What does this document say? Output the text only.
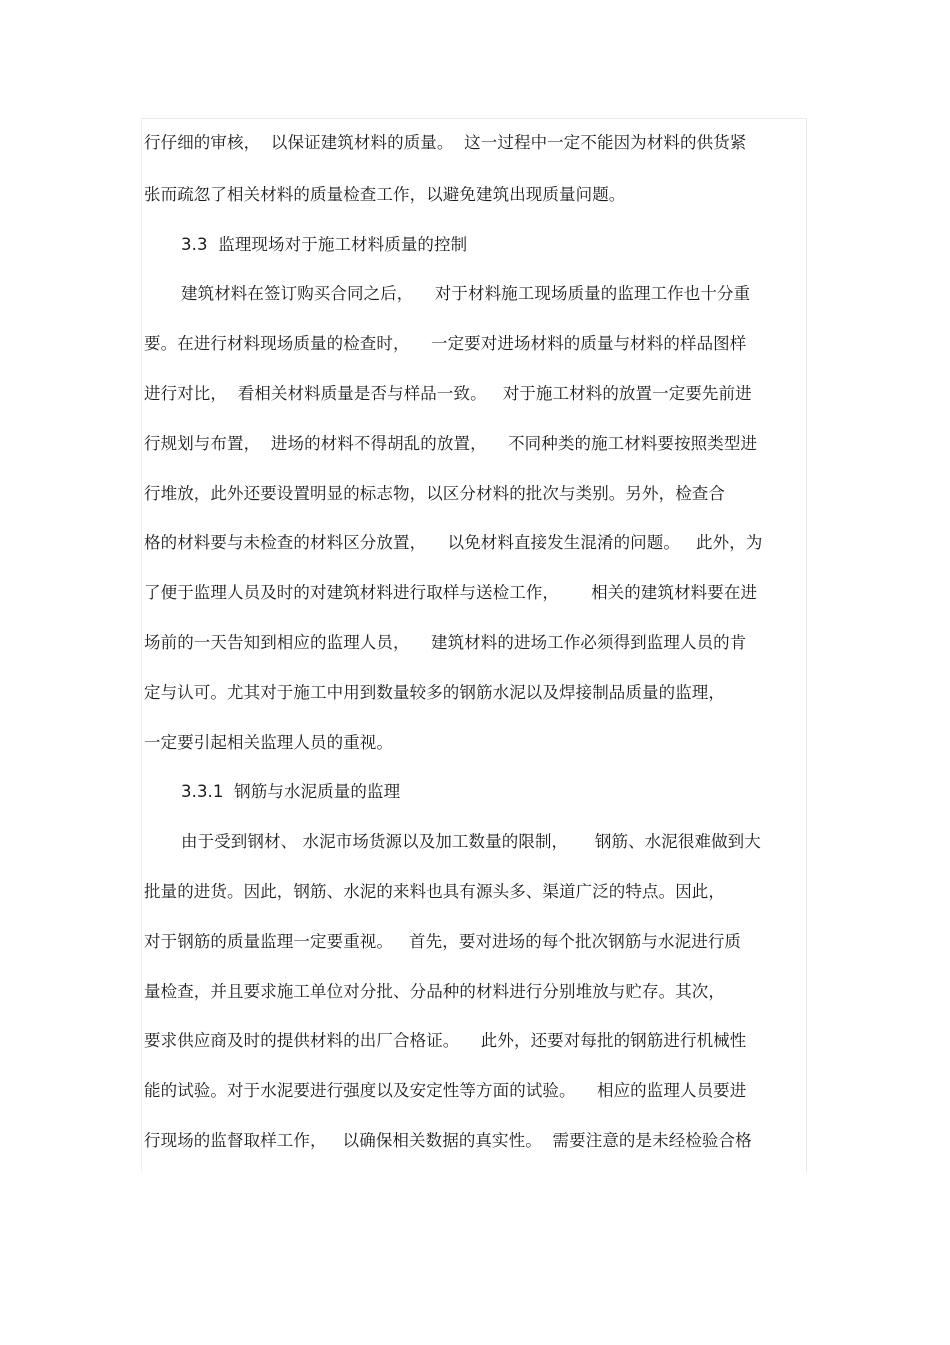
行仔细的审核，  以保证建筑材料的质量。  这一过程中一定不能因为材料的供货紧
张而疏忽了相关材料的质量检查工作，以避免建筑出现质量问题。
3.3  监理现场对于施工材料质量的控制
建筑材料在签订购买合同之后，    对于材料施工现场质量的监理工作也十分重
要。在进行材料现场质量的检查时，    一定要对进场材料的质量与材料的样品图样
进行对比，  看相关材料质量是否与样品一致。   对于施工材料的放置一定要先前进
行规划与布置，  进场的材料不得胡乱的放置，    不同种类的施工材料要按照类型进
行堆放，此外还要设置明显的标志物，以区分材料的批次与类别。另外，检查合
格的材料要与未检查的材料区分放置，    以免材料直接发生混淆的问题。   此外，为
了便于监理人员及时的对建筑材料进行取样与送检工作，      相关的建筑材料要在进
场前的一天告知到相应的监理人员，    建筑材料的进场工作必须得到监理人员的肯
定与认可。尤其对于施工中用到数量较多的钢筋水泥以及焊接制品质量的监理，
一定要引起相关监理人员的重视。
3.3.1  钢筋与水泥质量的监理
由于受到钢材、 水泥市场货源以及加工数量的限制，     钢筋、水泥很难做到大
批量的进货。因此，钢筋、水泥的来料也具有源头多、渠道广泛的特点。因此，
对于钢筋的质量监理一定要重视。   首先，要对进场的每个批次钢筋与水泥进行质
量检查，并且要求施工单位对分批、分品种的材料进行分别堆放与贮存。其次，
要求供应商及时的提供材料的出厂合格证。    此外，还要对每批的钢筋进行机械性
能的试验。对于水泥要进行强度以及安定性等方面的试验。    相应的监理人员要进
行现场的监督取样工作，   以确保相关数据的真实性。  需要注意的是未经检验合格
